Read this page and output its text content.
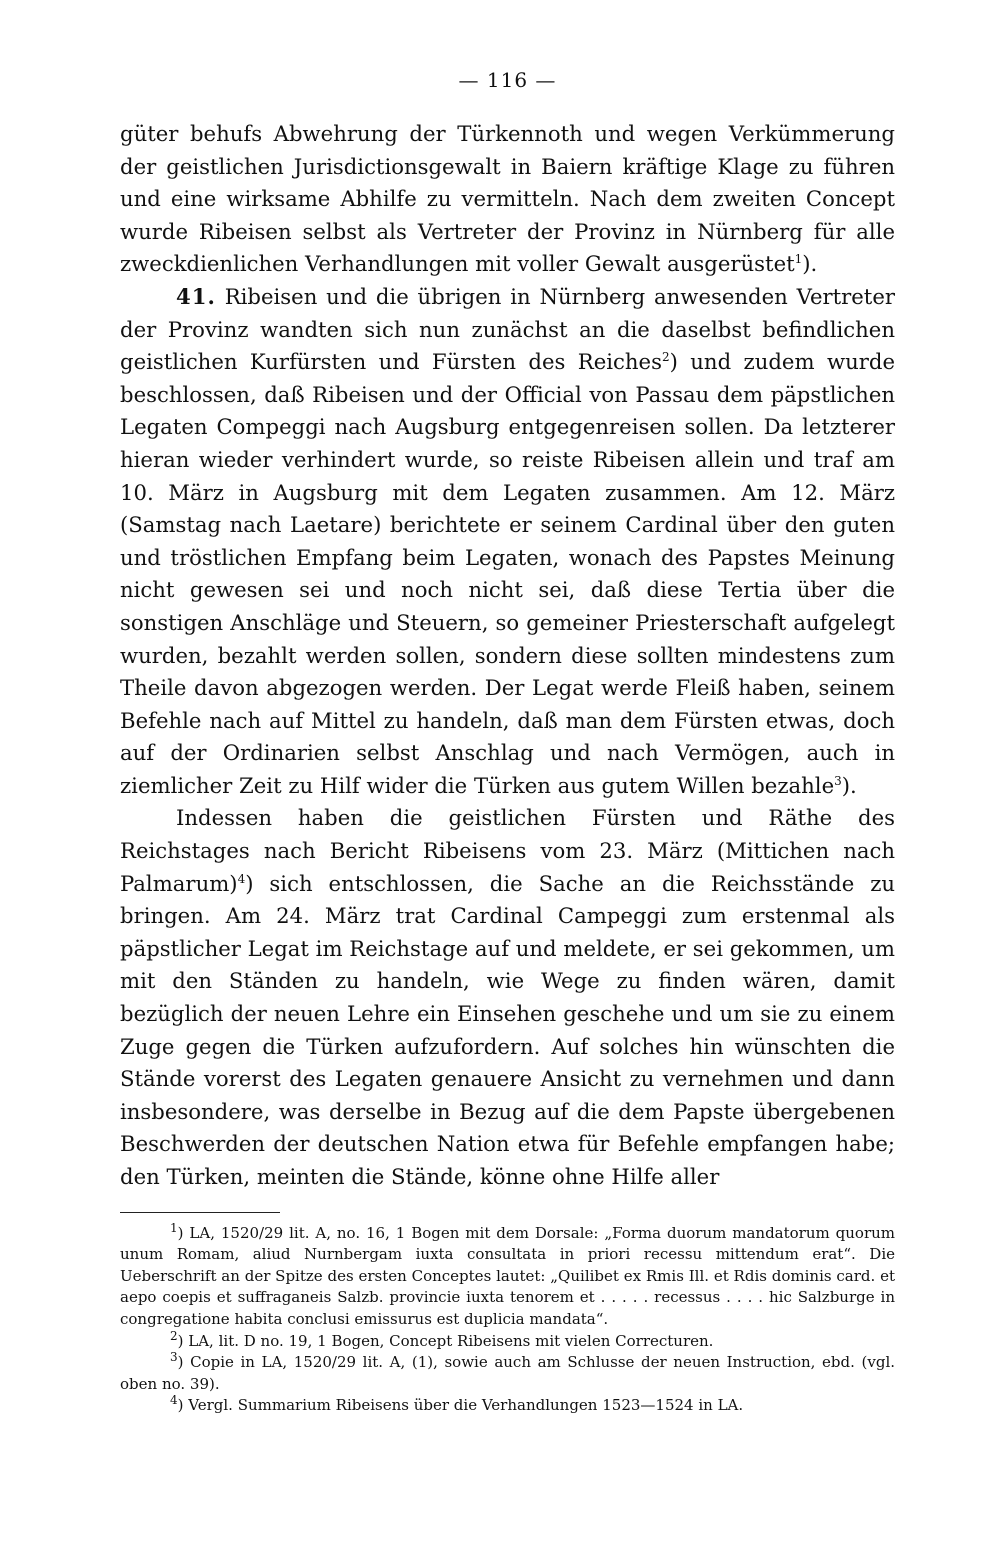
— 116 —

güter behufs Abwehrung der Türkennoth und wegen Verkümmerung der geistlichen Jurisdictionsgewalt in Baiern kräftige Klage zu führen und eine wirksame Abhilfe zu vermitteln. Nach dem zweiten Concept wurde Ribeisen selbst als Vertreter der Provinz in Nürnberg für alle zweckdienlichen Verhandlungen mit voller Gewalt ausgerüstet$^1$).

41. Ribeisen und die übrigen in Nürnberg anwesenden Vertreter der Provinz wandten sich nun zunächst an die daselbst befindlichen geistlichen Kurfürsten und Fürsten des Reiches$^2$) und zudem wurde beschlossen, daß Ribeisen und der Official von Passau dem päpstlichen Legaten Compeggi nach Augsburg entgegenreisen sollen. Da letzterer hieran wieder verhindert wurde, so reiste Ribeisen allein und traf am 10. März in Augsburg mit dem Legaten zusammen. Am 12. März (Samstag nach Laetare) berichtete er seinem Cardinal über den guten und tröstlichen Empfang beim Legaten, wonach des Papstes Meinung nicht gewesen sei und noch nicht sei, daß diese Tertia über die sonstigen Anschläge und Steuern, so gemeiner Priesterschaft aufgelegt wurden, bezahlt werden sollen, sondern diese sollten mindestens zum Theile davon abgezogen werden. Der Legat werde Fleiß haben, seinem Befehle nach auf Mittel zu handeln, daß man dem Fürsten etwas, doch auf der Ordinarien selbst Anschlag und nach Vermögen, auch in ziemlicher Zeit zu Hilf wider die Türken aus gutem Willen bezahle$^3$).

Indessen haben die geistlichen Fürsten und Räthe des Reichstages nach Bericht Ribeisens vom 23. März (Mittichen nach Palmarum)$^4$) sich entschlossen, die Sache an die Reichsstände zu bringen. Am 24. März trat Cardinal Campeggi zum erstenmal als päpstlicher Legat im Reichstage auf und meldete, er sei gekommen, um mit den Ständen zu handeln, wie Wege zu finden wären, damit bezüglich der neuen Lehre ein Einsehen geschehe und um sie zu einem Zuge gegen die Türken aufzufordern. Auf solches hin wünschten die Stände vorerst des Legaten genauere Ansicht zu vernehmen und dann insbesondere, was derselbe in Bezug auf die dem Papste übergebenen Beschwerden der deutschen Nation etwa für Befehle empfangen habe; den Türken, meinten die Stände, könne ohne Hilfe aller

$^1$) LA, 1520/29 lit. A, no. 16, 1 Bogen mit dem Dorsale: „Forma duorum mandatorum quorum unum Romam, aliud Nurnbergam iuxta consultata in priori recessu mittendum erat“. Die Ueberschrift an der Spitze des ersten Conceptes lautet: „Quilibet ex Rmis Ill. et Rdis dominis card. et aepo coepis et suffraganeis Salzb. provincie iuxta tenorem et . . . . . recessus . . . . hic Salzburge in congregatione habita conclusi emissurus est duplicia mandata“.

$^2$) LA, lit. D no. 19, 1 Bogen, Concept Ribeisens mit vielen Correcturen.

$^3$) Copie in LA, 1520/29 lit. A, (1), sowie auch am Schlusse der neuen Instruction, ebd. (vgl. oben no. 39).

$^4$) Vergl. Summarium Ribeisens über die Verhandlungen 1523—1524 in LA.
